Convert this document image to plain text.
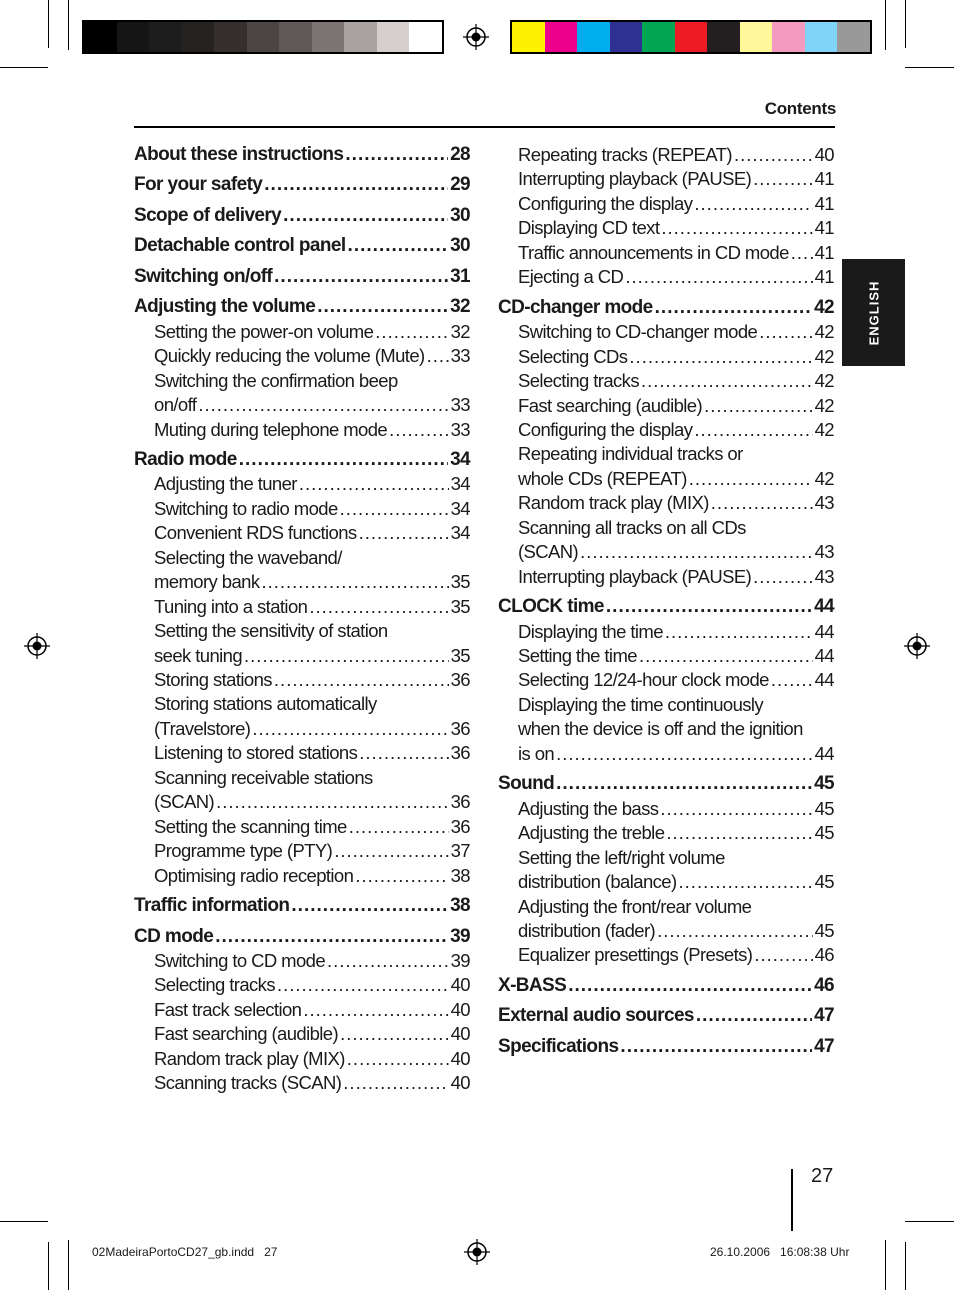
Contents
ENGLISH
About these instructions .....	28
For your safety .....	29
Scope of delivery .....	30
Detachable control panel .....	30
Switching on/off .....	31
Adjusting the volume .....	32
Setting the power-on volume .....	32
Quickly reducing the volume (Mute) ..... 33
Switching the confirmation beep
on/off .....	33
Muting during telephone mode .....	33
Radio mode .....	34
Adjusting the tuner .....	34
Switching to radio mode .....	34
Convenient RDS functions .....	34
Selecting the waveband/
memory bank .....	35
Tuning into a station .....	35
Setting the sensitivity of station
seek tuning .....	35
Storing stations .....	36
Storing stations automatically
(Travelstore) .....	36
Listening to stored stations .....	36
Scanning receivable stations
(SCAN) .....	36
Setting the scanning time .....	36
Programme type (PTY) .....	37
Optimising radio reception .....	38
Traffic information .....	38
CD mode .....	39
Switching to CD mode .....	39
Selecting tracks .....	40
Fast track selection .....	40
Fast searching (audible) .....	40
Random track play (MIX) .....	40
Scanning tracks (SCAN) .....	40
Repeating tracks (REPEAT) .....	40
Interrupting playback (PAUSE) .....	41
Configuring the display .....	41
Displaying CD text .....	41
Traffic announcements in CD mode ..... 41
Ejecting a CD .....	41
CD-changer mode .....	42
Switching to CD-changer mode .....	42
Selecting CDs .....	42
Selecting tracks .....	42
Fast searching (audible) .....	42
Configuring the display .....	42
Repeating individual tracks or
whole CDs (REPEAT) .....	42
Random track play (MIX) .....	43
Scanning all tracks on all CDs
(SCAN) .....	43
Interrupting playback (PAUSE) .....	43
CLOCK time .....	44
Displaying the time .....	44
Setting the time .....	44
Selecting 12/24-hour clock mode ..... 44
Displaying the time continuously
when the device is off and the ignition
is on .....	44
Sound .....	45
Adjusting the bass .....	45
Adjusting the treble .....	45
Setting the left/right volume
distribution (balance) .....	45
Adjusting the front/rear volume
distribution (fader) .....	45
Equalizer presettings (Presets) .....	46
X-BASS .....	46
External audio sources .....	47
Specifications .....	47
27
02MadeiraPortoCD27_gb.indd   27	26.10.2006   16:08:38 Uhr
